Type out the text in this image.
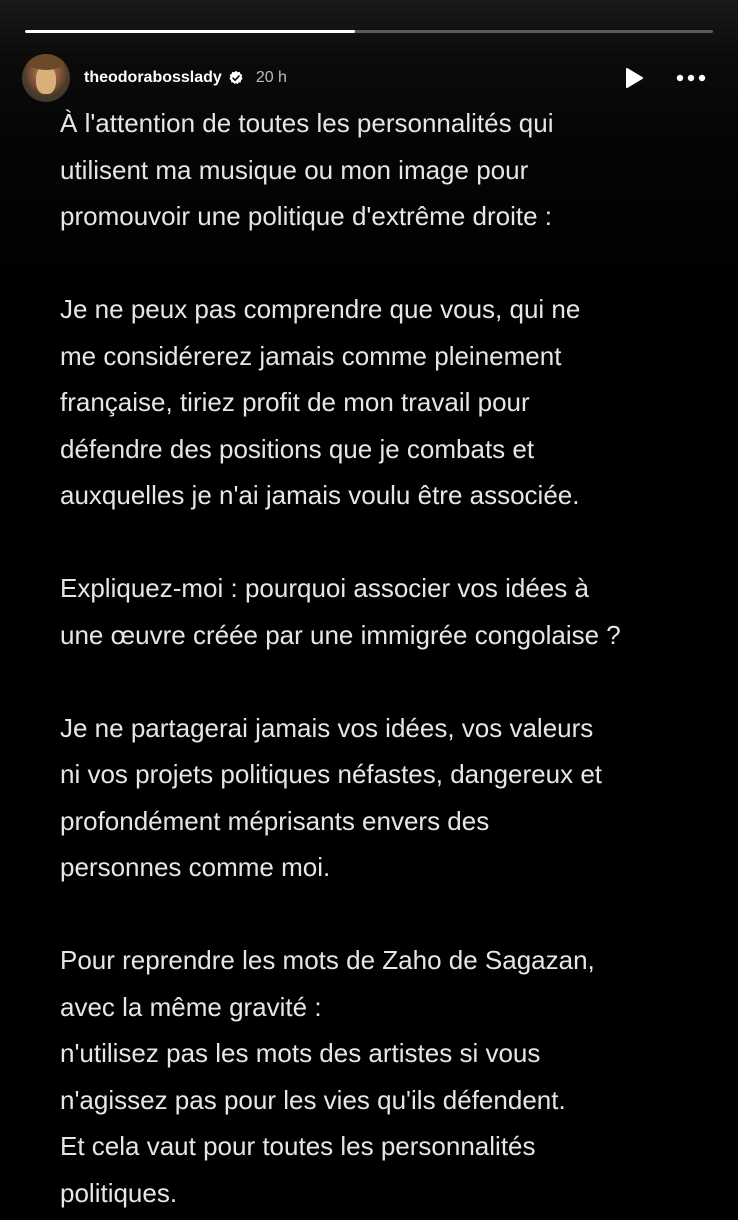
theodorabosslady 20 h

À l'attention de toutes les personnalités qui

utilisent ma musique ou mon image pour

promouvoir une politique d'extrême droite :

Je ne peux pas comprendre que vous, qui ne

me considérerez jamais comme pleinement

française, tiriez profit de mon travail pour

défendre des positions que je combats et

auxquelles je n'ai jamais voulu être associée.

Expliquez-moi : pourquoi associer vos idées à

une œuvre créée par une immigrée congolaise ?

Je ne partagerai jamais vos idées, vos valeurs

ni vos projets politiques néfastes, dangereux et

profondément méprisants envers des

personnes comme moi.

Pour reprendre les mots de Zaho de Sagazan,

avec la même gravité :

n'utilisez pas les mots des artistes si vous

n'agissez pas pour les vies qu'ils défendent.

Et cela vaut pour toutes les personnalités

politiques.
